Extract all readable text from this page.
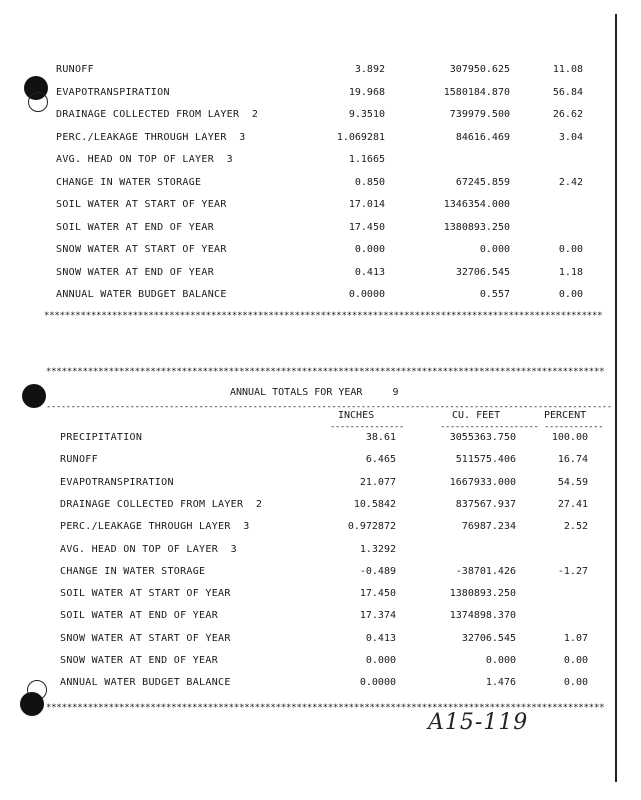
RUNOFF	3.892	307950.625	11.08
EVAPOTRANSPIRATION	19.968	1580184.870	56.84
DRAINAGE COLLECTED FROM LAYER  2	9.3510	739979.500	26.62
PERC./LEAKAGE THROUGH LAYER  3	1.069281	84616.469	3.04
AVG. HEAD ON TOP OF LAYER  3	1.1665
CHANGE IN WATER STORAGE	0.850	67245.859	2.42
SOIL WATER AT START OF YEAR	17.014	1346354.000
SOIL WATER AT END OF YEAR	17.450	1380893.250
SNOW WATER AT START OF YEAR	0.000	0.000	0.00
SNOW WATER AT END OF YEAR	0.413	32706.545	1.18
ANNUAL WATER BUDGET BALANCE	0.0000	0.557	0.00
***********************************************************************************************************
***********************************************************************************************************
ANNUAL TOTALS FOR YEAR     9
-------------------------------------------------------------------------------------------------------------------
INCHES	CU. FEET	PERCENT
---------------	-------------------- ------------
PRECIPITATION	38.61	3055363.750	100.00
RUNOFF	6.465	511575.406	16.74
EVAPOTRANSPIRATION	21.077	1667933.000	54.59
DRAINAGE COLLECTED FROM LAYER  2	10.5842	837567.937	27.41
PERC./LEAKAGE THROUGH LAYER  3	0.972872	76987.234	2.52
AVG. HEAD ON TOP OF LAYER  3	1.3292
CHANGE IN WATER STORAGE	-0.489	-38701.426	-1.27
SOIL WATER AT START OF YEAR	17.450	1380893.250
SOIL WATER AT END OF YEAR	17.374	1374898.370
SNOW WATER AT START OF YEAR	0.413	32706.545	1.07
SNOW WATER AT END OF YEAR	0.000	0.000	0.00
ANNUAL WATER BUDGET BALANCE	0.0000	1.476	0.00
***********************************************************************************************************
A15-119
